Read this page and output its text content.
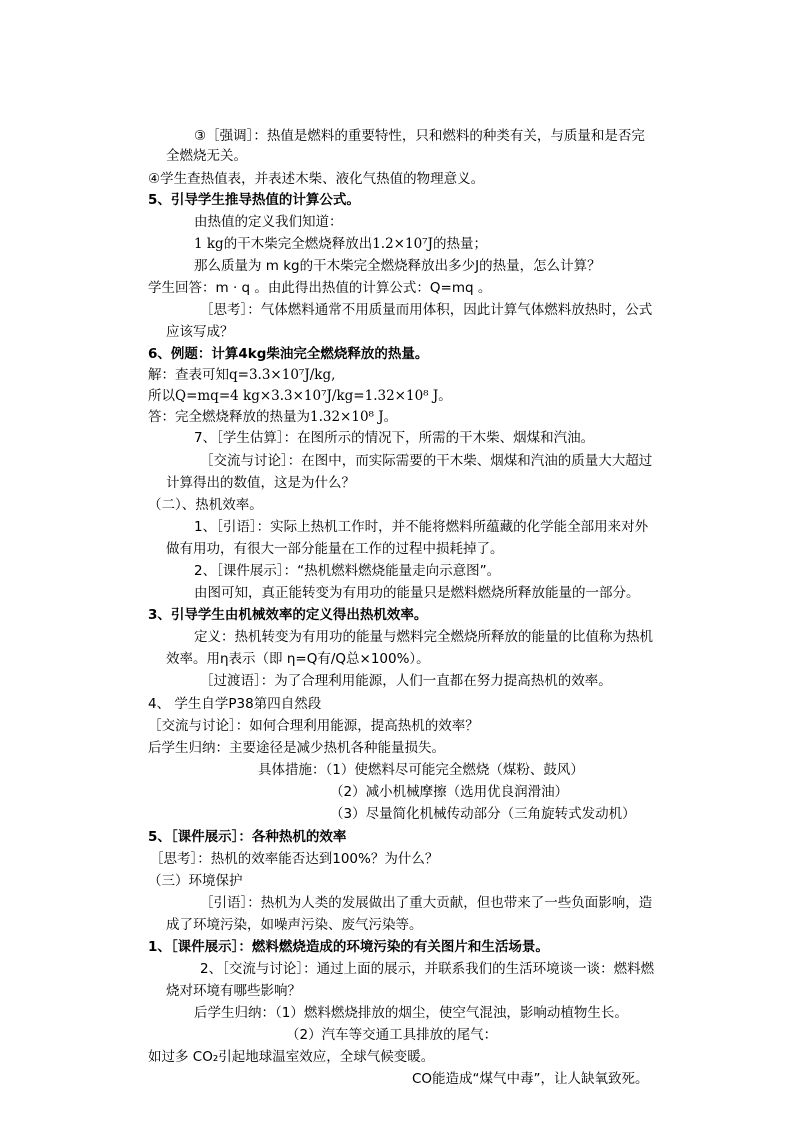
③［强调］：热值是燃料的重要特性，只和燃料的种类有关，与质量和是否完
全燃烧无关。
④学生查热值表，并表述木柴、液化气热值的物理意义。
5、引导学生推导热值的计算公式。
由热值的定义我们知道：
1 kg的干木柴完全燃烧释放出1.2×10⁷J的热量；
那么质量为 m kg的干木柴完全燃烧释放出多少J的热量，怎么计算？
学生回答：m · q 。由此得出热值的计算公式：Q=mq 。
［思考］：气体燃料通常不用质量而用体积，因此计算气体燃料放热时，公式
应该写成？
6、例题：计算4kg柴油完全燃烧释放的热量。
解：查表可知q=3.3×10⁷J/kg,
所以Q=mq=4 kg×3.3×10⁷J/kg=1.32×10⁸ J。
答：完全燃烧释放的热量为1.32×10⁸ J。
7、［学生估算］：在图所示的情况下，所需的干木柴、烟煤和汽油。
［交流与讨论］：在图中，而实际需要的干木柴、烟煤和汽油的质量大大超过
计算得出的数值，这是为什么？
（二）、热机效率。
1、［引语］：实际上热机工作时，并不能将燃料所蕴藏的化学能全部用来对外
做有用功，有很大一部分能量在工作的过程中损耗掉了。
2、［课件展示］：“热机燃料燃烧能量走向示意图”。
由图可知，真正能转变为有用功的能量只是燃料燃烧所释放能量的一部分。
3、引导学生由机械效率的定义得出热机效率。
定义：热机转变为有用功的能量与燃料完全燃烧所释放的能量的比值称为热机
效率。用η表示（即 η=Q有/Q总×100%）。
［过渡语］：为了合理利用能源，人们一直都在努力提高热机的效率。
4、 学生自学P38第四自然段
［交流与讨论］：如何合理利用能源，提高热机的效率？
后学生归纳：主要途径是减少热机各种能量损失。
具体措施：（1）使燃料尽可能完全燃烧（煤粉、鼓风）
（2）减小机械摩擦（选用优良润滑油）
（3）尽量简化机械传动部分（三角旋转式发动机）
5、［课件展示］：各种热机的效率
［思考］：热机的效率能否达到100%？为什么？
（三）环境保护
［引语］：热机为人类的发展做出了重大贡献，但也带来了一些负面影响，造
成了环境污染，如噪声污染、废气污染等。
1、［课件展示］：燃料燃烧造成的环境污染的有关图片和生活场景。
2、［交流与讨论］：通过上面的展示，并联系我们的生活环境谈一谈：燃料燃
烧对环境有哪些影响？
后学生归纳：（1）燃料燃烧排放的烟尘，使空气混浊，影响动植物生长。
（2）汽车等交通工具排放的尾气：
如过多 CO₂引起地球温室效应，全球气候变暖。
CO能造成“煤气中毒”，让人缺氧致死。
